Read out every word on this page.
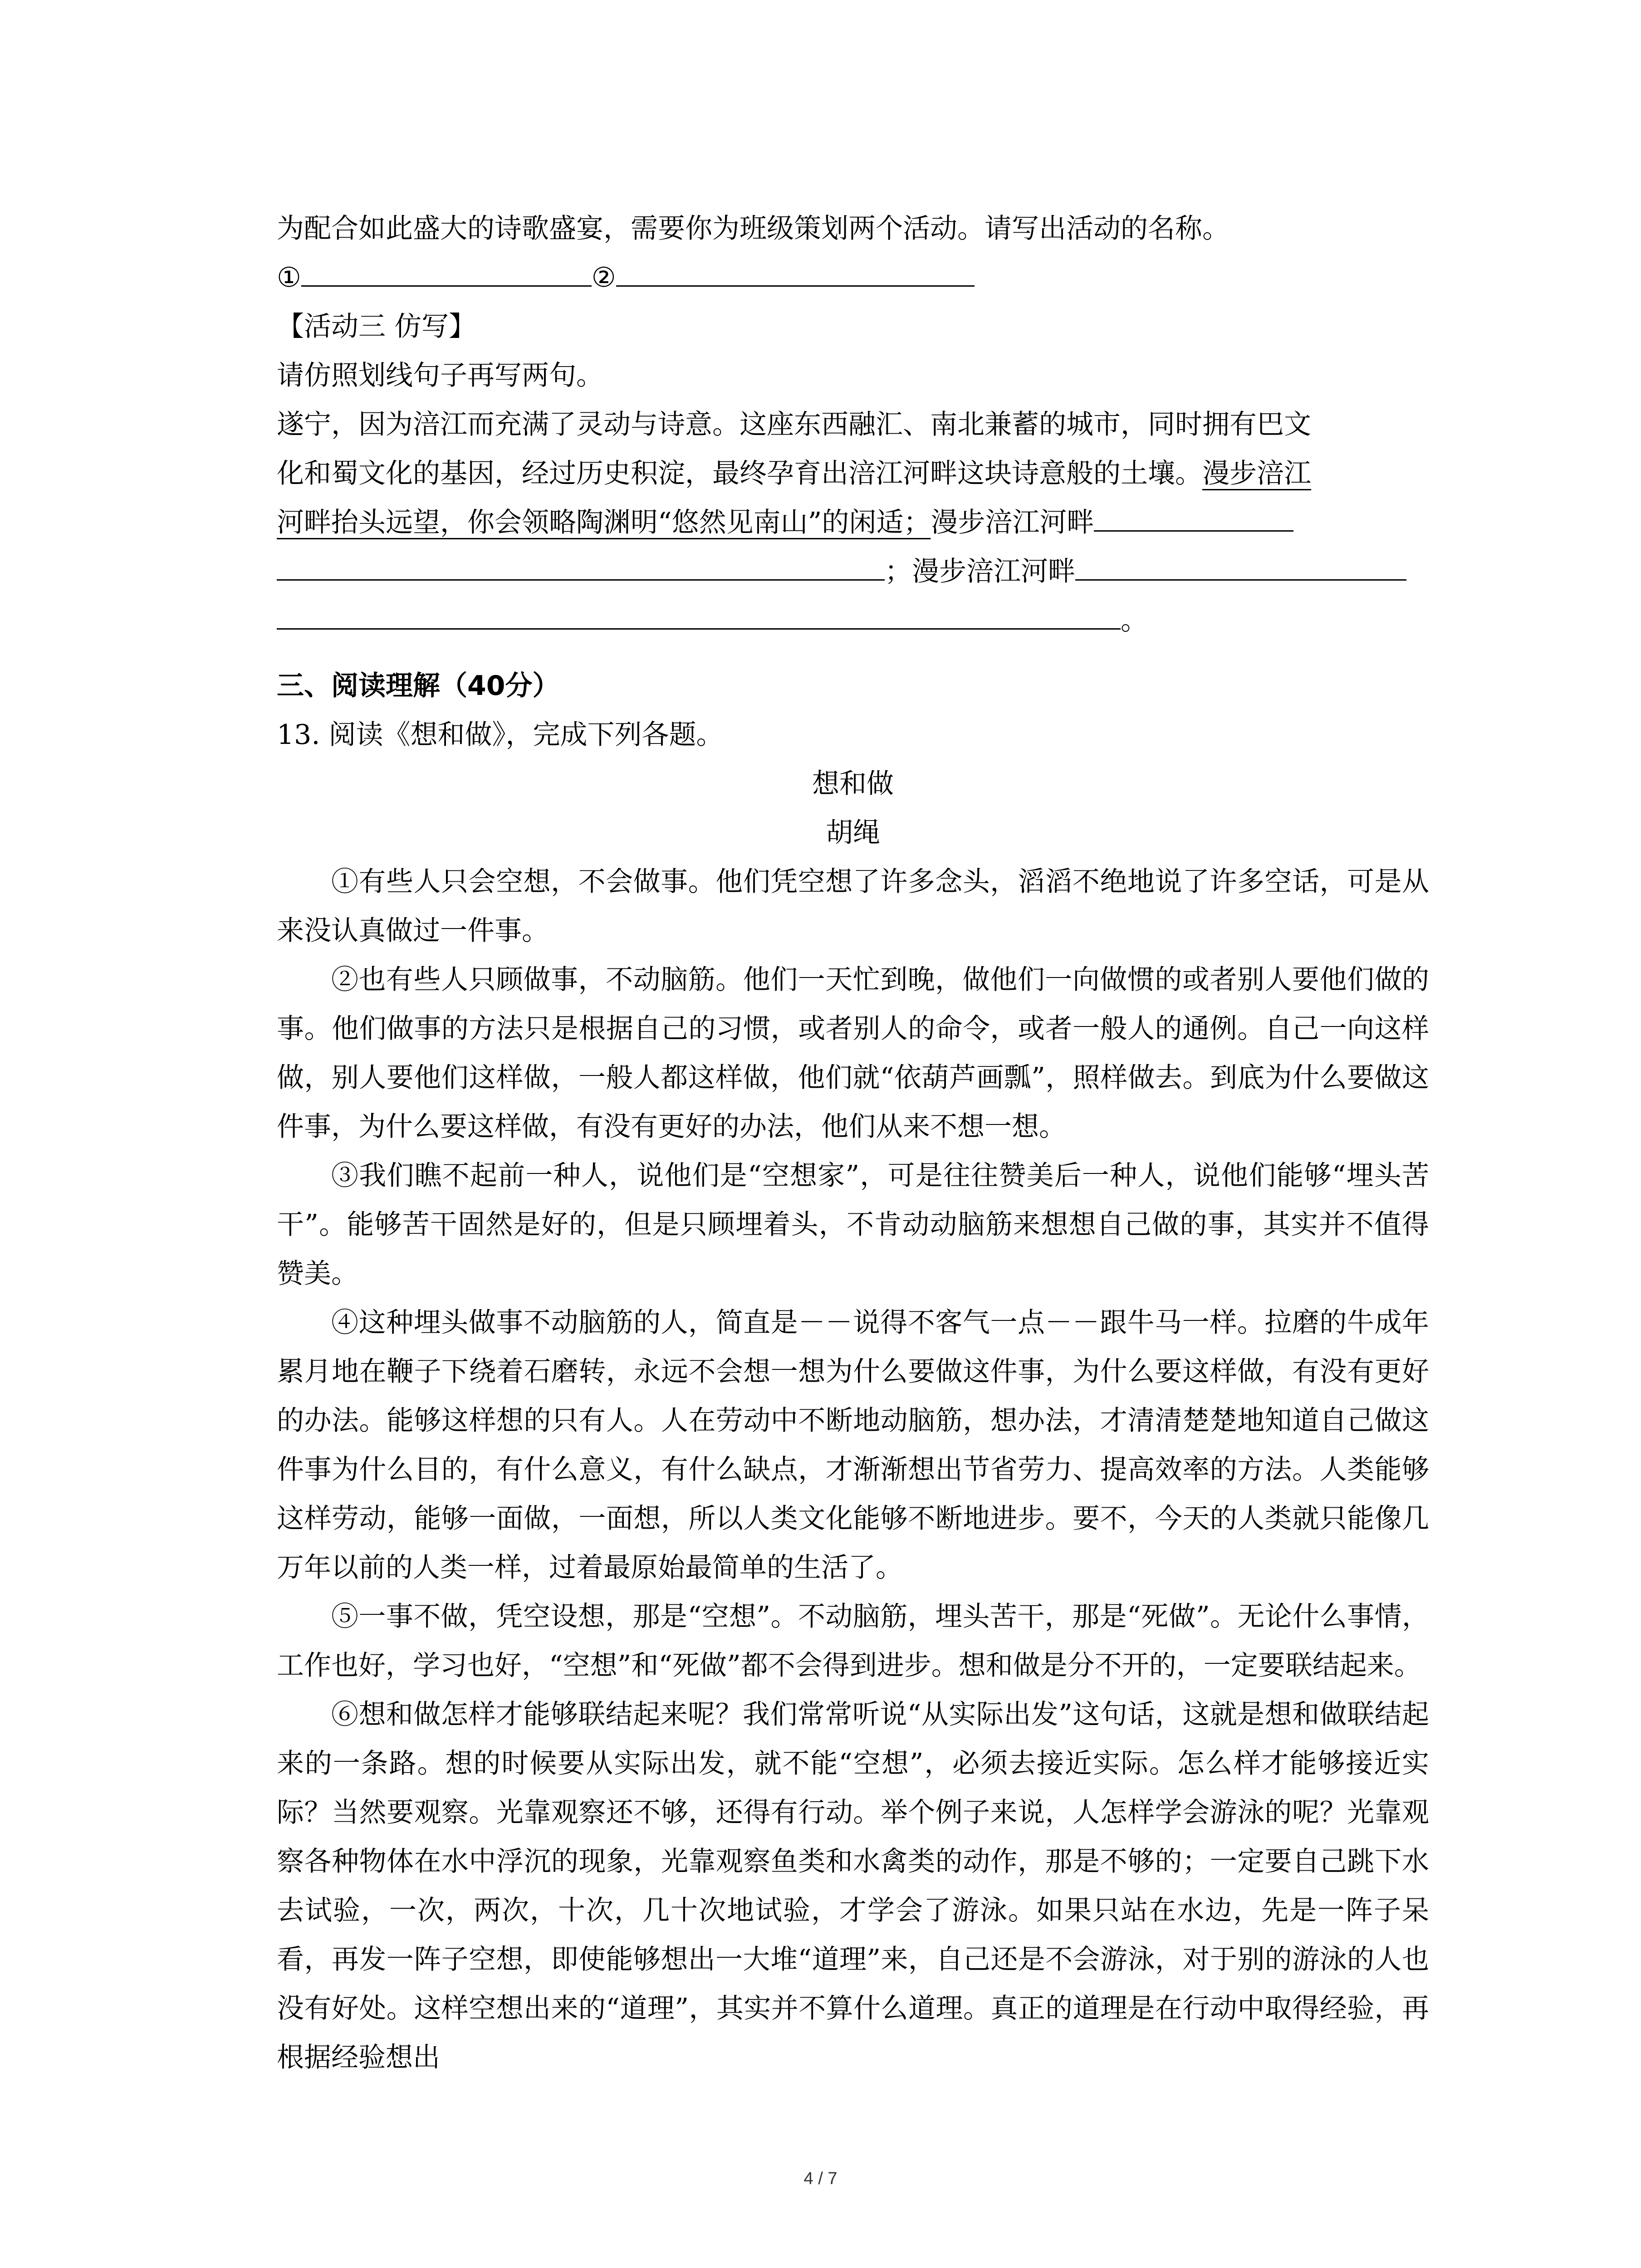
为配合如此盛大的诗歌盛宴，需要你为班级策划两个活动。请写出活动的名称。
①	②
【活动三 仿写】
请仿照划线句子再写两句。
遂宁，因为涪江而充满了灵动与诗意。这座东西融汇、南北兼蓄的城市，同时拥有巴文
化和蜀文化的基因，经过历史积淀，最终孕育出涪江河畔这块诗意般的土壤。漫步涪江
河畔抬头远望，你会领略陶渊明“悠然见南山”的闲适；漫步涪江河畔
；漫步涪江河畔
。
三、阅读理解（40分）
13. 阅读《想和做》，完成下列各题。
想和做
胡绳

①有些人只会空想，不会做事。他们凭空想了许多念头，滔滔不绝地说了许多空话，可是从来没认真做过一件事。

②也有些人只顾做事，不动脑筋。他们一天忙到晚，做他们一向做惯的或者别人要他们做的事。他们做事的方法只是根据自己的习惯，或者别人的命令，或者一般人的通例。自己一向这样做，别人要他们这样做，一般人都这样做，他们就“依葫芦画瓢”，照样做去。到底为什么要做这件事，为什么要这样做，有没有更好的办法，他们从来不想一想。

③我们瞧不起前一种人，说他们是“空想家”，可是往往赞美后一种人，说他们能够“埋头苦干”。能够苦干固然是好的，但是只顾埋着头，不肯动动脑筋来想想自己做的事，其实并不值得赞美。

④这种埋头做事不动脑筋的人，简直是－－说得不客气一点－－跟牛马一样。拉磨的牛成年累月地在鞭子下绕着石磨转，永远不会想一想为什么要做这件事，为什么要这样做，有没有更好的办法。能够这样想的只有人。人在劳动中不断地动脑筋，想办法，才清清楚楚地知道自己做这件事为什么目的，有什么意义，有什么缺点，才渐渐想出节省劳力、提高效率的方法。人类能够这样劳动，能够一面做，一面想，所以人类文化能够不断地进步。要不，今天的人类就只能像几万年以前的人类一样，过着最原始最简单的生活了。

⑤一事不做，凭空设想，那是“空想”。不动脑筋，埋头苦干，那是“死做”。无论什么事情，工作也好，学习也好，“空想”和“死做”都不会得到进步。想和做是分不开的，一定要联结起来。

⑥想和做怎样才能够联结起来呢？我们常常听说“从实际出发”这句话，这就是想和做联结起来的一条路。想的时候要从实际出发，就不能“空想”，必须去接近实际。怎么样才能够接近实际？当然要观察。光靠观察还不够，还得有行动。举个例子来说，人怎样学会游泳的呢？光靠观察各种物体在水中浮沉的现象，光靠观察鱼类和水禽类的动作，那是不够的；一定要自己跳下水去试验，一次，两次，十次，几十次地试验，才学会了游泳。如果只站在水边，先是一阵子呆看，再发一阵子空想，即使能够想出一大堆“道理”来，自己还是不会游泳，对于别的游泳的人也没有好处。这样空想出来的“道理”，其实并不算什么道理。真正的道理是在行动中取得经验，再根据经验想出

4 / 7
